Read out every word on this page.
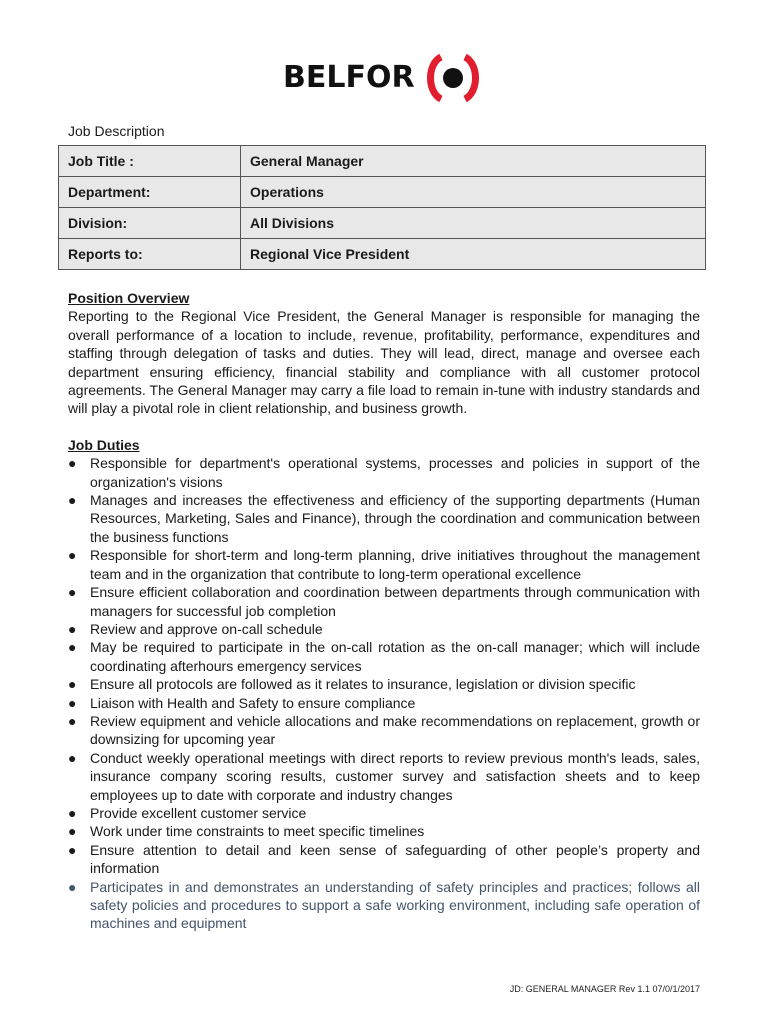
BELFOR
Job Description
Job Title :	General Manager
Department:	Operations
Division:	All Divisions
Reports to:	Regional Vice President
Position Overview

Reporting to the Regional Vice President, the General Manager is responsible for managing the overall performance of a location to include, revenue, profitability, performance, expenditures and staffing through delegation of tasks and duties. They will lead, direct, manage and oversee each department ensuring efficiency, financial stability and compliance with all customer protocol agreements. The General Manager may carry a file load to remain in-tune with industry standards and will play a pivotal role in client relationship, and business growth.

Job Duties
● Responsible for department's operational systems, processes and policies in support of the organization's visions
● Manages and increases the effectiveness and efficiency of the supporting departments (Human Resources, Marketing, Sales and Finance), through the coordination and communication between the business functions
● Responsible for short-term and long-term planning, drive initiatives throughout the management team and in the organization that contribute to long-term operational excellence
● Ensure efficient collaboration and coordination between departments through communication with managers for successful job completion
● Review and approve on-call schedule
● May be required to participate in the on-call rotation as the on-call manager; which will include coordinating afterhours emergency services
● Ensure all protocols are followed as it relates to insurance, legislation or division specific
● Liaison with Health and Safety to ensure compliance
● Review equipment and vehicle allocations and make recommendations on replacement, growth or downsizing for upcoming year
● Conduct weekly operational meetings with direct reports to review previous month's leads, sales, insurance company scoring results, customer survey and satisfaction sheets and to keep employees up to date with corporate and industry changes
● Provide excellent customer service
● Work under time constraints to meet specific timelines
● Ensure attention to detail and keen sense of safeguarding of other people’s property and information
● Participates in and demonstrates an understanding of safety principles and practices; follows all safety policies and procedures to support a safe working environment, including safe operation of machines and equipment
JD: GENERAL MANAGER Rev 1.1 07/0/1/2017
